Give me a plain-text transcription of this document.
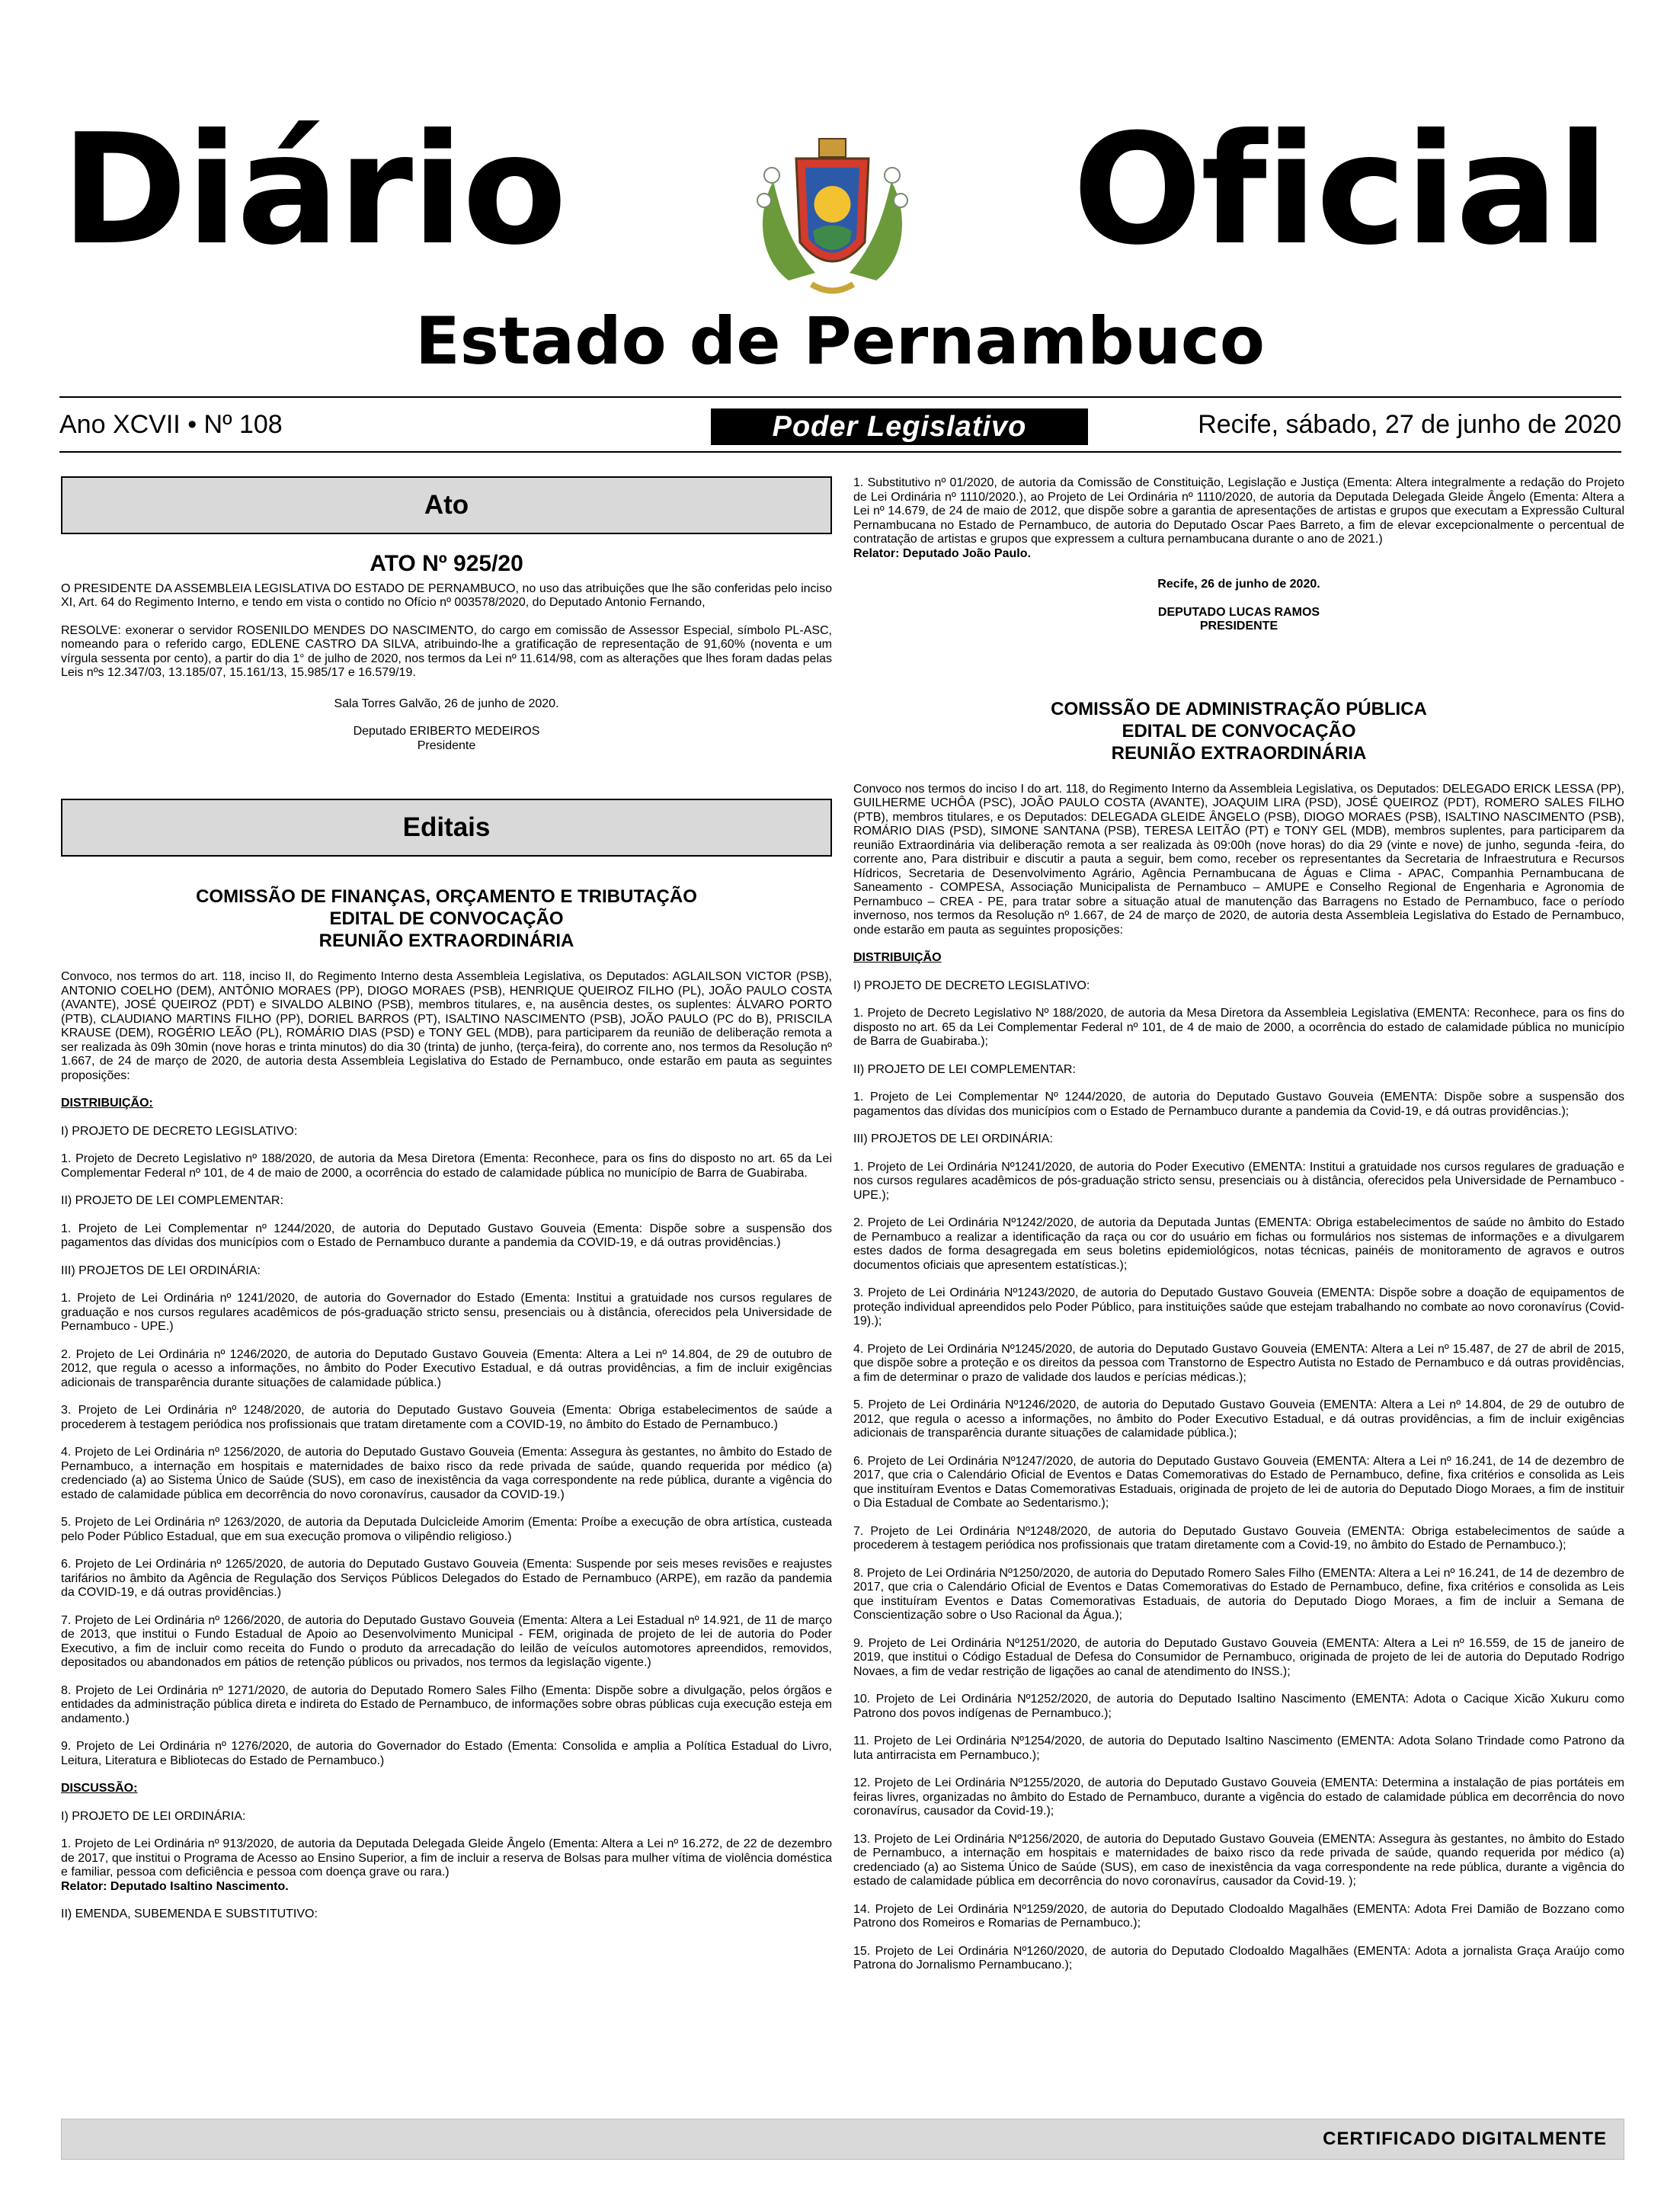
Diário	Oficial
Estado de Pernambuco
Ano XCVII • Nº 108	Poder Legislativo	Recife, sábado, 27 de junho de 2020
Ato
ATO Nº 925/20
O PRESIDENTE DA ASSEMBLEIA LEGISLATIVA DO ESTADO DE PERNAMBUCO, no uso das atribuições que lhe são conferidas pelo inciso XI, Art. 64 do Regimento Interno, e tendo em vista o contido no Ofício nº 003578/2020, do Deputado Antonio Fernando,
RESOLVE: exonerar o servidor ROSENILDO MENDES DO NASCIMENTO, do cargo em comissão de Assessor Especial, símbolo PL-ASC, nomeando para o referido cargo, EDLENE CASTRO DA SILVA, atribuindo-lhe a gratificação de representação de 91,60% (noventa e um vírgula sessenta por cento), a partir do dia 1° de julho de 2020, nos termos da Lei nº 11.614/98, com as alterações que lhes foram dadas pelas Leis nºs 12.347/03, 13.185/07, 15.161/13, 15.985/17 e 16.579/19.
Sala Torres Galvão, 26 de junho de 2020.
Deputado ERIBERTO MEDEIROS
Presidente
Editais
COMISSÃO DE FINANÇAS, ORÇAMENTO E TRIBUTAÇÃO
EDITAL DE CONVOCAÇÃO
REUNIÃO EXTRAORDINÁRIA
Convoco, nos termos do art. 118, inciso II, do Regimento Interno desta Assembleia Legislativa, os Deputados: AGLAILSON VICTOR (PSB), ANTONIO COELHO (DEM), ANTÔNIO MORAES (PP), DIOGO MORAES (PSB), HENRIQUE QUEIROZ FILHO (PL), JOÃO PAULO COSTA (AVANTE), JOSÉ QUEIROZ (PDT) e SIVALDO ALBINO (PSB), membros titulares, e, na ausência destes, os suplentes: ÁLVARO PORTO (PTB), CLAUDIANO MARTINS FILHO (PP), DORIEL BARROS (PT), ISALTINO NASCIMENTO (PSB), JOÃO PAULO (PC do B), PRISCILA KRAUSE (DEM), ROGÉRIO LEÃO (PL), ROMÁRIO DIAS (PSD) e TONY GEL (MDB), para participarem da reunião de deliberação remota a ser realizada às 09h 30min (nove horas e trinta minutos) do dia 30 (trinta) de junho, (terça-feira), do corrente ano, nos termos da Resolução nº 1.667, de 24 de março de 2020, de autoria desta Assembleia Legislativa do Estado de Pernambuco, onde estarão em pauta as seguintes proposições:
DISTRIBUIÇÃO:
I) PROJETO DE DECRETO LEGISLATIVO:
1. Projeto de Decreto Legislativo nº 188/2020, de autoria da Mesa Diretora (Ementa: Reconhece, para os fins do disposto no art. 65 da Lei Complementar Federal nº 101, de 4 de maio de 2000, a ocorrência do estado de calamidade pública no município de Barra de Guabiraba.
II) PROJETO DE LEI COMPLEMENTAR:
1. Projeto de Lei Complementar nº 1244/2020, de autoria do Deputado Gustavo Gouveia (Ementa: Dispõe sobre a suspensão dos pagamentos das dívidas dos municípios com o Estado de Pernambuco durante a pandemia da COVID-19, e dá outras providências.)
III) PROJETOS DE LEI ORDINÁRIA:
1. Projeto de Lei Ordinária nº 1241/2020, de autoria do Governador do Estado (Ementa: Institui a gratuidade nos cursos regulares de graduação e nos cursos regulares acadêmicos de pós-graduação stricto sensu, presenciais ou à distância, oferecidos pela Universidade de Pernambuco - UPE.)
2. Projeto de Lei Ordinária nº 1246/2020, de autoria do Deputado Gustavo Gouveia (Ementa: Altera a Lei nº 14.804, de 29 de outubro de 2012, que regula o acesso a informações, no âmbito do Poder Executivo Estadual, e dá outras providências, a fim de incluir exigências adicionais de transparência durante situações de calamidade pública.)
3. Projeto de Lei Ordinária nº 1248/2020, de autoria do Deputado Gustavo Gouveia (Ementa: Obriga estabelecimentos de saúde a procederem à testagem periódica nos profissionais que tratam diretamente com a COVID-19, no âmbito do Estado de Pernambuco.)
4. Projeto de Lei Ordinária nº 1256/2020, de autoria do Deputado Gustavo Gouveia (Ementa: Assegura às gestantes, no âmbito do Estado de Pernambuco, a internação em hospitais e maternidades de baixo risco da rede privada de saúde, quando requerida por médico (a) credenciado (a) ao Sistema Único de Saúde (SUS), em caso de inexistência da vaga correspondente na rede pública, durante a vigência do estado de calamidade pública em decorrência do novo coronavírus, causador da COVID-19.)
5. Projeto de Lei Ordinária nº 1263/2020, de autoria da Deputada Dulcicleide Amorim (Ementa: Proíbe a execução de obra artística, custeada pelo Poder Público Estadual, que em sua execução promova o vilipêndio religioso.)
6. Projeto de Lei Ordinária nº 1265/2020, de autoria do Deputado Gustavo Gouveia (Ementa: Suspende por seis meses revisões e reajustes tarifários no âmbito da Agência de Regulação dos Serviços Públicos Delegados do Estado de Pernambuco (ARPE), em razão da pandemia da COVID-19, e dá outras providências.)
7. Projeto de Lei Ordinária nº 1266/2020, de autoria do Deputado Gustavo Gouveia (Ementa: Altera a Lei Estadual nº 14.921, de 11 de março de 2013, que institui o Fundo Estadual de Apoio ao Desenvolvimento Municipal - FEM, originada de projeto de lei de autoria do Poder Executivo, a fim de incluir como receita do Fundo o produto da arrecadação do leilão de veículos automotores apreendidos, removidos, depositados ou abandonados em pátios de retenção públicos ou privados, nos termos da legislação vigente.)
8. Projeto de Lei Ordinária nº 1271/2020, de autoria do Deputado Romero Sales Filho (Ementa: Dispõe sobre a divulgação, pelos órgãos e entidades da administração pública direta e indireta do Estado de Pernambuco, de informações sobre obras públicas cuja execução esteja em andamento.)
9. Projeto de Lei Ordinária nº 1276/2020, de autoria do Governador do Estado (Ementa: Consolida e amplia a Política Estadual do Livro, Leitura, Literatura e Bibliotecas do Estado de Pernambuco.)
DISCUSSÃO:
I) PROJETO DE LEI ORDINÁRIA:
1. Projeto de Lei Ordinária nº 913/2020, de autoria da Deputada Delegada Gleide Ângelo (Ementa: Altera a Lei nº 16.272, de 22 de dezembro de 2017, que institui o Programa de Acesso ao Ensino Superior, a fim de incluir a reserva de Bolsas para mulher vítima de violência doméstica e familiar, pessoa com deficiência e pessoa com doença grave ou rara.)
Relator: Deputado Isaltino Nascimento.
II) EMENDA, SUBEMENDA E SUBSTITUTIVO:
1. Substitutivo nº 01/2020, de autoria da Comissão de Constituição, Legislação e Justiça (Ementa: Altera integralmente a redação do Projeto de Lei Ordinária nº 1110/2020.), ao Projeto de Lei Ordinária nº 1110/2020, de autoria da Deputada Delegada Gleide Ângelo (Ementa: Altera a Lei nº 14.679, de 24 de maio de 2012, que dispõe sobre a garantia de apresentações de artistas e grupos que executam a Expressão Cultural Pernambucana no Estado de Pernambuco, de autoria do Deputado Oscar Paes Barreto, a fim de elevar excepcionalmente o percentual de contratação de artistas e grupos que expressem a cultura pernambucana durante o ano de 2021.)
Relator: Deputado João Paulo.
Recife, 26 de junho de 2020.
DEPUTADO LUCAS RAMOS
PRESIDENTE
COMISSÃO DE ADMINISTRAÇÃO PÚBLICA
EDITAL DE CONVOCAÇÃO
REUNIÃO EXTRAORDINÁRIA
Convoco nos termos do inciso I do art. 118, do Regimento Interno da Assembleia Legislativa, os Deputados: DELEGADO ERICK LESSA (PP), GUILHERME UCHÔA (PSC), JOÃO PAULO COSTA (AVANTE), JOAQUIM LIRA (PSD), JOSÉ QUEIROZ (PDT), ROMERO SALES FILHO (PTB), membros titulares, e os Deputados: DELEGADA GLEIDE ÂNGELO (PSB), DIOGO MORAES (PSB), ISALTINO NASCIMENTO (PSB), ROMÁRIO DIAS (PSD), SIMONE SANTANA (PSB), TERESA LEITÃO (PT) e TONY GEL (MDB), membros suplentes, para participarem da reunião Extraordinária via deliberação remota a ser realizada às 09:00h (nove horas) do dia 29 (vinte e nove) de junho, segunda -feira, do corrente ano, Para distribuir e discutir a pauta a seguir, bem como, receber os representantes da Secretaria de Infraestrutura e Recursos Hídricos, Secretaria de Desenvolvimento Agrário, Agência Pernambucana de Águas e Clima - APAC, Companhia Pernambucana de Saneamento - COMPESA, Associação Municipalista de Pernambuco – AMUPE e Conselho Regional de Engenharia e Agronomia de Pernambuco – CREA - PE, para tratar sobre a situação atual de manutenção das Barragens no Estado de Pernambuco, face o período invernoso, nos termos da Resolução nº 1.667, de 24 de março de 2020, de autoria desta Assembleia Legislativa do Estado de Pernambuco, onde estarão em pauta as seguintes proposições:
DISTRIBUIÇÃO
I) PROJETO DE DECRETO LEGISLATIVO:
1. Projeto de Decreto Legislativo Nº 188/2020, de autoria da Mesa Diretora da Assembleia Legislativa (EMENTA: Reconhece, para os fins do disposto no art. 65 da Lei Complementar Federal nº 101, de 4 de maio de 2000, a ocorrência do estado de calamidade pública no município de Barra de Guabiraba.);
II) PROJETO DE LEI COMPLEMENTAR:
1. Projeto de Lei Complementar Nº 1244/2020, de autoria do Deputado Gustavo Gouveia (EMENTA: Dispõe sobre a suspensão dos pagamentos das dívidas dos municípios com o Estado de Pernambuco durante a pandemia da Covid-19, e dá outras providências.);
III) PROJETOS DE LEI ORDINÁRIA:
1. Projeto de Lei Ordinária Nº1241/2020, de autoria do Poder Executivo (EMENTA: Institui a gratuidade nos cursos regulares de graduação e nos cursos regulares acadêmicos de pós-graduação stricto sensu, presenciais ou à distância, oferecidos pela Universidade de Pernambuco - UPE.);
2. Projeto de Lei Ordinária Nº1242/2020, de autoria da Deputada Juntas (EMENTA: Obriga estabelecimentos de saúde no âmbito do Estado de Pernambuco a realizar a identificação da raça ou cor do usuário em fichas ou formulários nos sistemas de informações e a divulgarem estes dados de forma desagregada em seus boletins epidemiológicos, notas técnicas, painéis de monitoramento de agravos e outros documentos oficiais que apresentem estatísticas.);
3. Projeto de Lei Ordinária Nº1243/2020, de autoria do Deputado Gustavo Gouveia (EMENTA: Dispõe sobre a doação de equipamentos de proteção individual apreendidos pelo Poder Público, para instituições saúde que estejam trabalhando no combate ao novo coronavírus (Covid-19).);
4. Projeto de Lei Ordinária Nº1245/2020, de autoria do Deputado Gustavo Gouveia (EMENTA: Altera a Lei nº 15.487, de 27 de abril de 2015, que dispõe sobre a proteção e os direitos da pessoa com Transtorno de Espectro Autista no Estado de Pernambuco e dá outras providências, a fim de determinar o prazo de validade dos laudos e perícias médicas.);
5. Projeto de Lei Ordinária Nº1246/2020, de autoria do Deputado Gustavo Gouveia (EMENTA: Altera a Lei nº 14.804, de 29 de outubro de 2012, que regula o acesso a informações, no âmbito do Poder Executivo Estadual, e dá outras providências, a fim de incluir exigências adicionais de transparência durante situações de calamidade pública.);
6. Projeto de Lei Ordinária Nº1247/2020, de autoria do Deputado Gustavo Gouveia (EMENTA: Altera a Lei nº 16.241, de 14 de dezembro de 2017, que cria o Calendário Oficial de Eventos e Datas Comemorativas do Estado de Pernambuco, define, fixa critérios e consolida as Leis que instituíram Eventos e Datas Comemorativas Estaduais, originada de projeto de lei de autoria do Deputado Diogo Moraes, a fim de instituir o Dia Estadual de Combate ao Sedentarismo.);
7. Projeto de Lei Ordinária Nº1248/2020, de autoria do Deputado Gustavo Gouveia (EMENTA: Obriga estabelecimentos de saúde a procederem à testagem periódica nos profissionais que tratam diretamente com a Covid-19, no âmbito do Estado de Pernambuco.);
8. Projeto de Lei Ordinária Nº1250/2020, de autoria do Deputado Romero Sales Filho (EMENTA: Altera a Lei nº 16.241, de 14 de dezembro de 2017, que cria o Calendário Oficial de Eventos e Datas Comemorativas do Estado de Pernambuco, define, fixa critérios e consolida as Leis que instituíram Eventos e Datas Comemorativas Estaduais, de autoria do Deputado Diogo Moraes, a fim de incluir a Semana de Conscientização sobre o Uso Racional da Água.);
9. Projeto de Lei Ordinária Nº1251/2020, de autoria do Deputado Gustavo Gouveia (EMENTA: Altera a Lei nº 16.559, de 15 de janeiro de 2019, que institui o Código Estadual de Defesa do Consumidor de Pernambuco, originada de projeto de lei de autoria do Deputado Rodrigo Novaes, a fim de vedar restrição de ligações ao canal de atendimento do INSS.);
10. Projeto de Lei Ordinária Nº1252/2020, de autoria do Deputado Isaltino Nascimento (EMENTA: Adota o Cacique Xicão Xukuru como Patrono dos povos indígenas de Pernambuco.);
11. Projeto de Lei Ordinária Nº1254/2020, de autoria do Deputado Isaltino Nascimento (EMENTA: Adota Solano Trindade como Patrono da luta antirracista em Pernambuco.);
12. Projeto de Lei Ordinária Nº1255/2020, de autoria do Deputado Gustavo Gouveia (EMENTA: Determina a instalação de pias portáteis em feiras livres, organizadas no âmbito do Estado de Pernambuco, durante a vigência do estado de calamidade pública em decorrência do novo coronavírus, causador da Covid-19.);
13. Projeto de Lei Ordinária Nº1256/2020, de autoria do Deputado Gustavo Gouveia (EMENTA: Assegura às gestantes, no âmbito do Estado de Pernambuco, a internação em hospitais e maternidades de baixo risco da rede privada de saúde, quando requerida por médico (a) credenciado (a) ao Sistema Único de Saúde (SUS), em caso de inexistência da vaga correspondente na rede pública, durante a vigência do estado de calamidade pública em decorrência do novo coronavírus, causador da Covid-19. );
14. Projeto de Lei Ordinária Nº1259/2020, de autoria do Deputado Clodoaldo Magalhães (EMENTA: Adota Frei Damião de Bozzano como Patrono dos Romeiros e Romarias de Pernambuco.);
15. Projeto de Lei Ordinária Nº1260/2020, de autoria do Deputado Clodoaldo Magalhães (EMENTA: Adota a jornalista Graça Araújo como Patrona do Jornalismo Pernambucano.);
CERTIFICADO DIGITALMENTE
